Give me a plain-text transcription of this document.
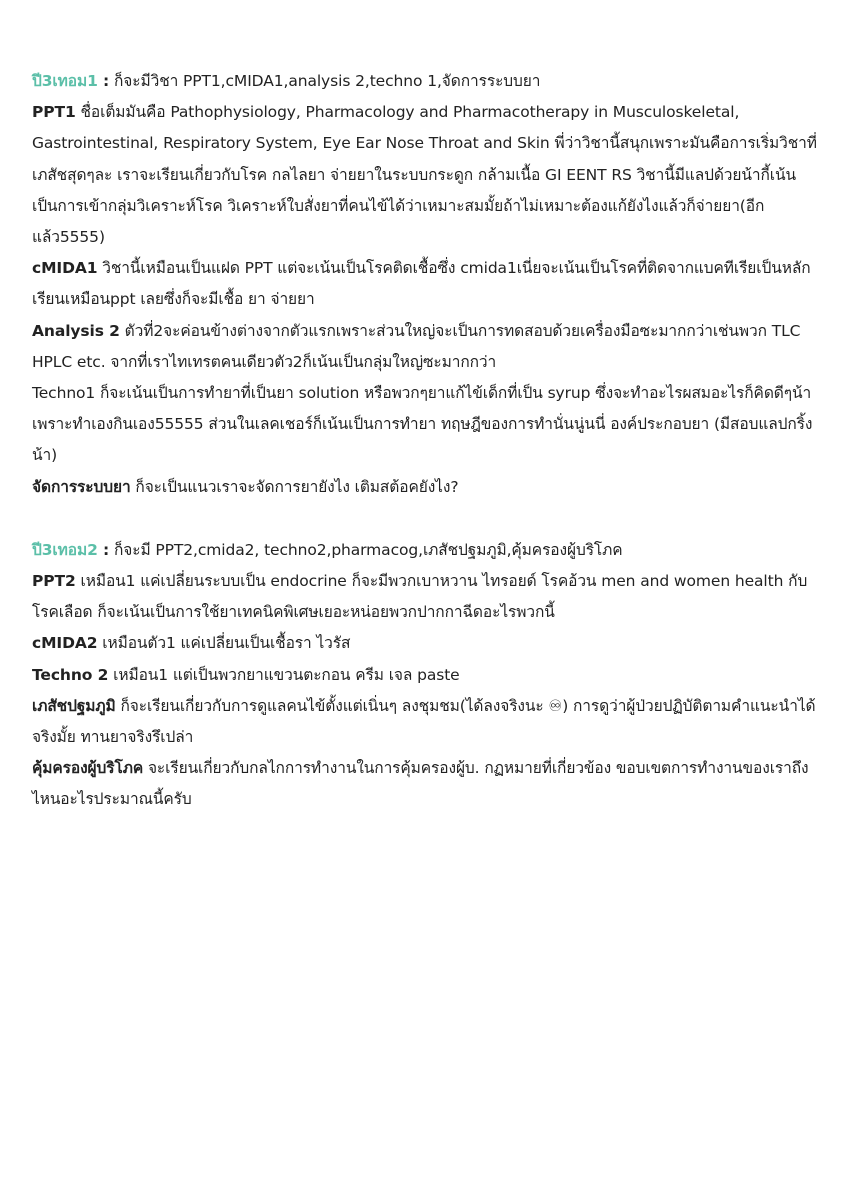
ปี3เทอม1 : ก็จะมีวิชา PPT1,cMIDA1,analysis 2,techno 1,จัดการระบบยา

PPT1 ชื่อเต็มมันคือ Pathophysiology, Pharmacology and Pharmacotherapy in Musculoskeletal, Gastrointestinal, Respiratory System, Eye Ear Nose Throat and Skin พี่ว่าวิชานี้สนุกเพราะมันคือการเริ่มวิชาที่เภสัชสุดๆละ เราจะเรียนเกี่ยวกับโรค กลไลยา จ่ายยาในระบบกระดูก กล้ามเนื้อ GI EENT RS วิชานี้มีแลปด้วยน้ากี้เน้นเป็นการเข้ากลุ่มวิเคราะห์โรค วิเคราะห์ใบสั่งยาที่คนไข้ได้ว่าเหมาะสมมั้ยถ้าไม่เหมาะต้องแก้ยังไงแล้วก็จ่ายยา(อีกแล้ว5555)

cMIDA1 วิชานี้เหมือนเป็นแฝด PPT แต่จะเน้นเป็นโรคติดเชื้อซึ่ง cmida1เนี่ยจะเน้นเป็นโรคที่ติดจากแบคทีเรียเป็นหลัก เรียนเหมือนppt เลยซึ่งก็จะมีเชื้อ ยา จ่ายยา

Analysis 2 ตัวที่2จะค่อนข้างต่างจากตัวแรกเพราะส่วนใหญ่จะเป็นการทดสอบด้วยเครื่องมือซะมากกว่าเช่นพวก TLC HPLC etc. จากที่เราไทเทรตคนเดียวตัว2ก็เน้นเป็นกลุ่มใหญ่ซะมากกว่า

Techno1 ก็จะเน้นเป็นการทำยาที่เป็นยา solution หรือพวกๆยาแก้ไข้เด็กที่เป็น syrup ซึ่งจะทำอะไรผสมอะไรก็คิดดีๆน้าเพราะทำเองกินเอง55555 ส่วนในเลคเชอร์ก็เน้นเป็นการทำยา ทฤษฎีของการทำนั่นนู่นนี่ องค์ประกอบยา (มีสอบแลปกริ้งน้า)

จัดการระบบยา ก็จะเป็นแนวเราจะจัดการยายังไง เติมสต้อคยังไง?

ปี3เทอม2 : ก็จะมี PPT2,cmida2, techno2,pharmacog,เภสัชปฐมภูมิ,คุ้มครองผู้บริโภค

PPT2 เหมือน1 แค่เปลี่ยนระบบเป็น endocrine ก็จะมีพวกเบาหวาน ไทรอยด์ โรคอ้วน men and women health กับโรคเลือด ก็จะเน้นเป็นการใช้ยาเทคนิคพิเศษเยอะหน่อยพวกปากกาฉีดอะไรพวกนี้

cMIDA2 เหมือนตัว1 แค่เปลี่ยนเป็นเชื้อรา ไวรัส

Techno 2 เหมือน1 แต่เป็นพวกยาแขวนตะกอน ครีม เจล paste

เภสัชปฐมภูมิ ก็จะเรียนเกี่ยวกับการดูแลคนไข้ตั้งแต่เนิ่นๆ ลงชุมชม(ได้ลงจริงนะ ♾) การดูว่าผู้ป่วยปฏิบัติตามคำแนะนำได้จริงมั้ย ทานยาจริงรึเปล่า

คุ้มครองผู้บริโภค จะเรียนเกี่ยวกับกลไกการทำงานในการคุ้มครองผู้บ. กฏหมายที่เกี่ยวข้อง ขอบเขตการทำงานของเราถึงไหนอะไรประมาณนี้ครับ
